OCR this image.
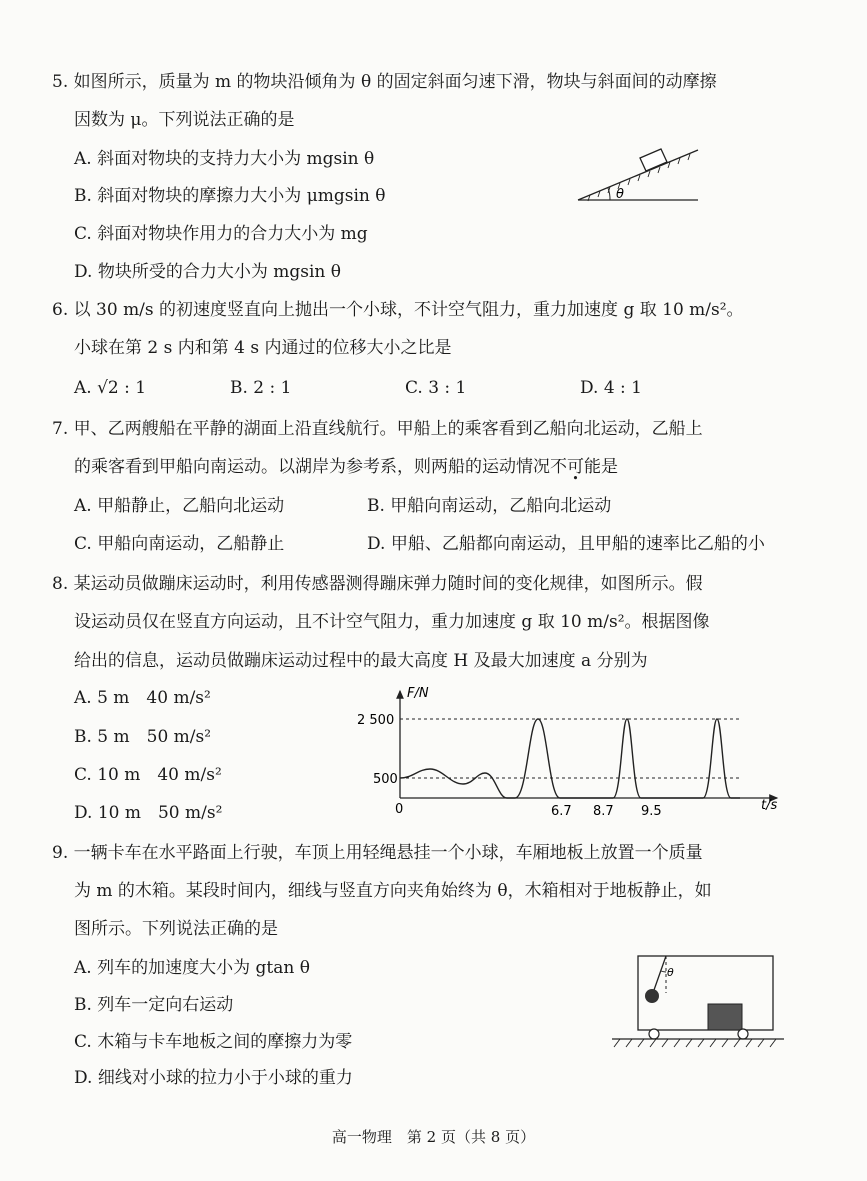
5. 如图所示，质量为 m 的物块沿倾角为 θ 的固定斜面匀速下滑，物块与斜面间的动摩擦
因数为 μ。下列说法正确的是
A. 斜面对物块的支持力大小为 mgsin θ
B. 斜面对物块的摩擦力大小为 μmgsin θ
C. 斜面对物块作用力的合力大小为 mg
D. 物块所受的合力大小为 mgsin θ
θ
6. 以 30 m/s 的初速度竖直向上抛出一个小球，不计空气阻力，重力加速度 g 取 10 m/s²。
小球在第 2 s 内和第 4 s 内通过的位移大小之比是
A. √2 : 1	B. 2 : 1	C. 3 : 1	D. 4 : 1
7. 甲、乙两艘船在平静的湖面上沿直线航行。甲船上的乘客看到乙船向北运动，乙船上
的乘客看到甲船向南运动。以湖岸为参考系，则两船的运动情况不可能是
A. 甲船静止，乙船向北运动	B. 甲船向南运动，乙船向北运动
C. 甲船向南运动，乙船静止	D. 甲船、乙船都向南运动，且甲船的速率比乙船的小
8. 某运动员做蹦床运动时，利用传感器测得蹦床弹力随时间的变化规律，如图所示。假
设运动员仅在竖直方向运动，且不计空气阻力，重力加速度 g 取 10 m/s²。根据图像
给出的信息，运动员做蹦床运动过程中的最大高度 H 及最大加速度 a 分别为
A. 5 m　40 m/s²
B. 5 m　50 m/s²
C. 10 m　40 m/s²
D. 10 m　50 m/s²
F/N
t/s
2 500
500
0	6.7 8.7 9.5
9. 一辆卡车在水平路面上行驶，车顶上用轻绳悬挂一个小球，车厢地板上放置一个质量
为 m 的木箱。某段时间内，细线与竖直方向夹角始终为 θ，木箱相对于地板静止，如
图所示。下列说法正确的是
A. 列车的加速度大小为 gtan θ
B. 列车一定向右运动
C. 木箱与卡车地板之间的摩擦力为零
D. 细线对小球的拉力小于小球的重力
θ
高一物理　第 2 页（共 8 页）
